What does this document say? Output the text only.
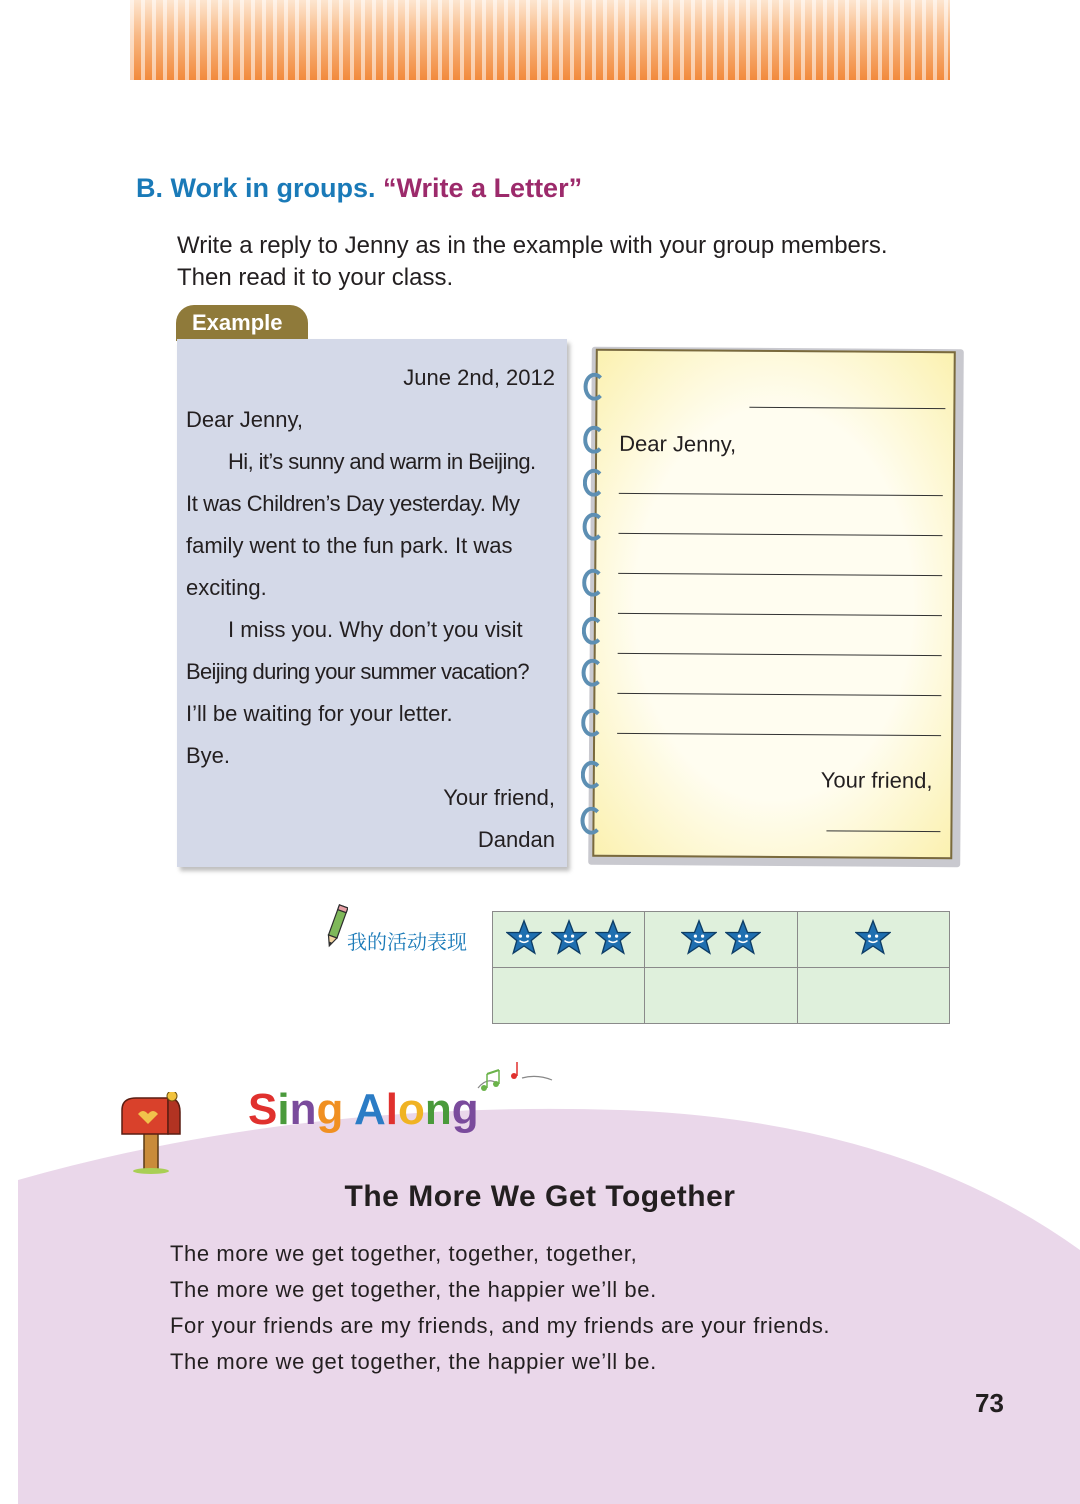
B. Work in groups. “Write a Letter”
Write a reply to Jenny as in the example with your group members.
Then read it to your class.
Example
June 2nd, 2012
Dear Jenny,
Hi, it’s sunny and warm in Beijing.
It was Children’s Day yesterday. My
family went to the fun park. It was
exciting.
I miss you. Why don’t you visit
Beijing during your summer vacation?
I’ll be waiting for your letter.
Bye.
Your friend,
Dandan
Dear Jenny,
Your friend,
我的活动表现

Sing Along
The More We Get Together
The more we get together, together, together,
The more we get together, the happier we’ll be.
For your friends are my friends, and my friends are your friends.
The more we get together, the happier we’ll be.
73
